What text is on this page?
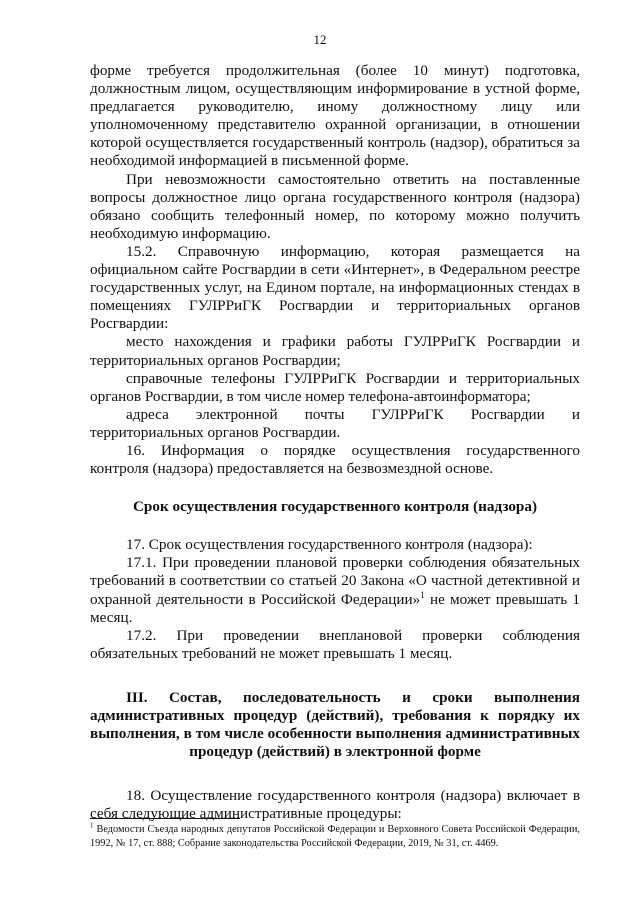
12

форме требуется продолжительная (более 10 минут) подготовка, должностным лицом, осуществляющим информирование в устной форме, предлагается руководителю, иному должностному лицу или уполномоченному представителю охранной организации, в отношении которой осуществляется государственный контроль (надзор), обратиться за необходимой информацией в письменной форме.

При невозможности самостоятельно ответить на поставленные вопросы должностное лицо органа государственного контроля (надзора) обязано сообщить телефонный номер, по которому можно получить необходимую информацию.

15.2. Справочную информацию, которая размещается на официальном сайте Росгвардии в сети «Интернет», в Федеральном реестре государственных услуг, на Едином портале, на информационных стендах в помещениях ГУЛРРиГК Росгвардии и территориальных органов Росгвардии:

место нахождения и графики работы ГУЛРРиГК Росгвардии и территориальных органов Росгвардии;

справочные телефоны ГУЛРРиГК Росгвардии и территориальных органов Росгвардии, в том числе номер телефона-автоинформатора;

адреса электронной почты ГУЛРРиГК Росгвардии и территориальных органов Росгвардии.

16. Информация о порядке осуществления государственного контроля (надзора) предоставляется на безвозмездной основе.

Срок осуществления государственного контроля (надзора)

17. Срок осуществления государственного контроля (надзора):

17.1. При проведении плановой проверки соблюдения обязательных требований в соответствии со статьей 20 Закона «О частной детективной и охранной деятельности в Российской Федерации»$^1$ не может превышать 1 месяц.

17.2. При проведении внеплановой проверки соблюдения обязательных требований не может превышать 1 месяц.

III. Состав, последовательность и сроки выполнения административных процедур (действий), требования к порядку их выполнения, в том числе особенности выполнения административных процедур (действий) в электронной форме

18. Осуществление государственного контроля (надзора) включает в себя следующие административные процедуры:

$^1$ Ведомости Съезда народных депутатов Российской Федерации и Верховного Совета Российской Федерации, 1992, № 17, ст. 888; Собрание законодательства Российской Федерации, 2019, № 31, ст. 4469.
